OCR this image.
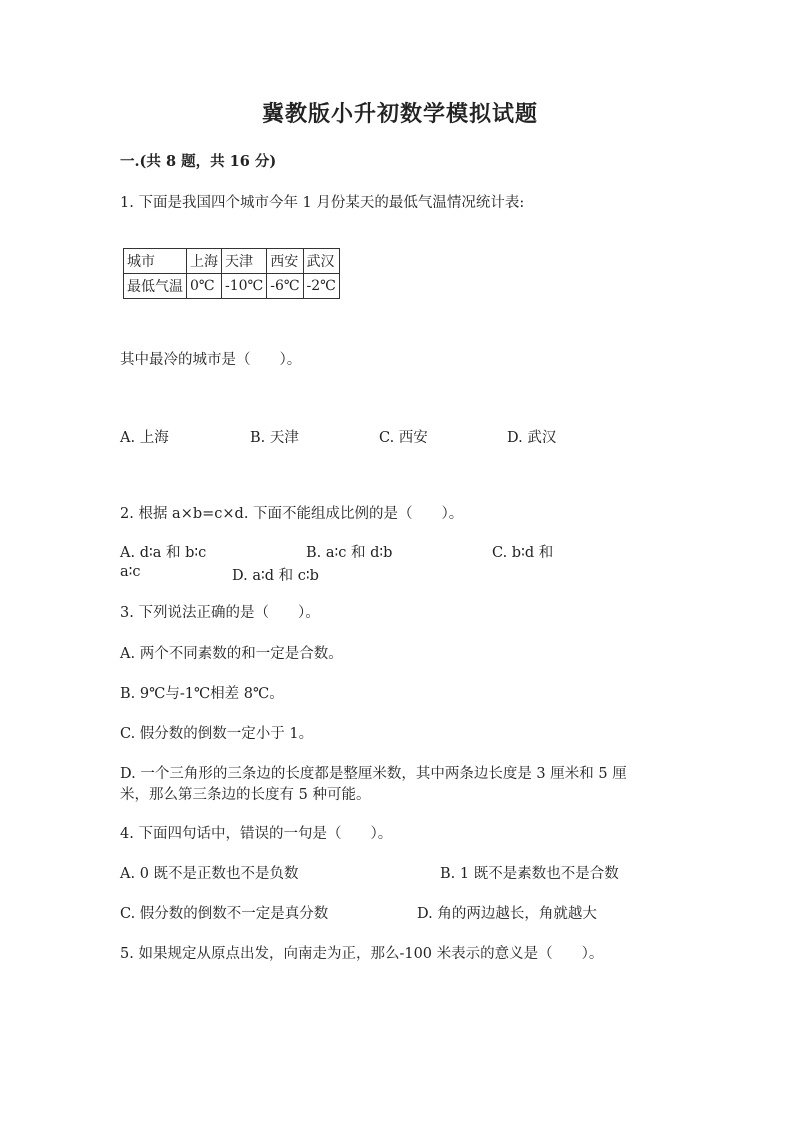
冀教版小升初数学模拟试题
一.(共 8 题，共 16 分)
1. 下面是我国四个城市今年 1 月份某天的最低气温情况统计表:
城市	上海	天津	西安	武汉
最低气温	0℃	-10℃	-6℃	-2℃
其中最冷的城市是（　　）。
A. 上海	B. 天津	C. 西安	D. 武汉
2. 根据 a×b=c×d. 下面不能组成比例的是（　　）。
A. d∶a 和 b∶c	B. a∶c 和 d∶b	C. b∶d 和
a∶c	D. a∶d 和 c∶b
3. 下列说法正确的是（　　）。
A. 两个不同素数的和一定是合数。
B. 9℃与-1℃相差 8℃。
C. 假分数的倒数一定小于 1。
D. 一个三角形的三条边的长度都是整厘米数，其中两条边长度是 3 厘米和 5 厘
米，那么第三条边的长度有 5 种可能。
4. 下面四句话中，错误的一句是（　　）。
A. 0 既不是正数也不是负数	B. 1 既不是素数也不是合数
C. 假分数的倒数不一定是真分数	D. 角的两边越长，角就越大
5. 如果规定从原点出发，向南走为正，那么-100 米表示的意义是（　　）。
